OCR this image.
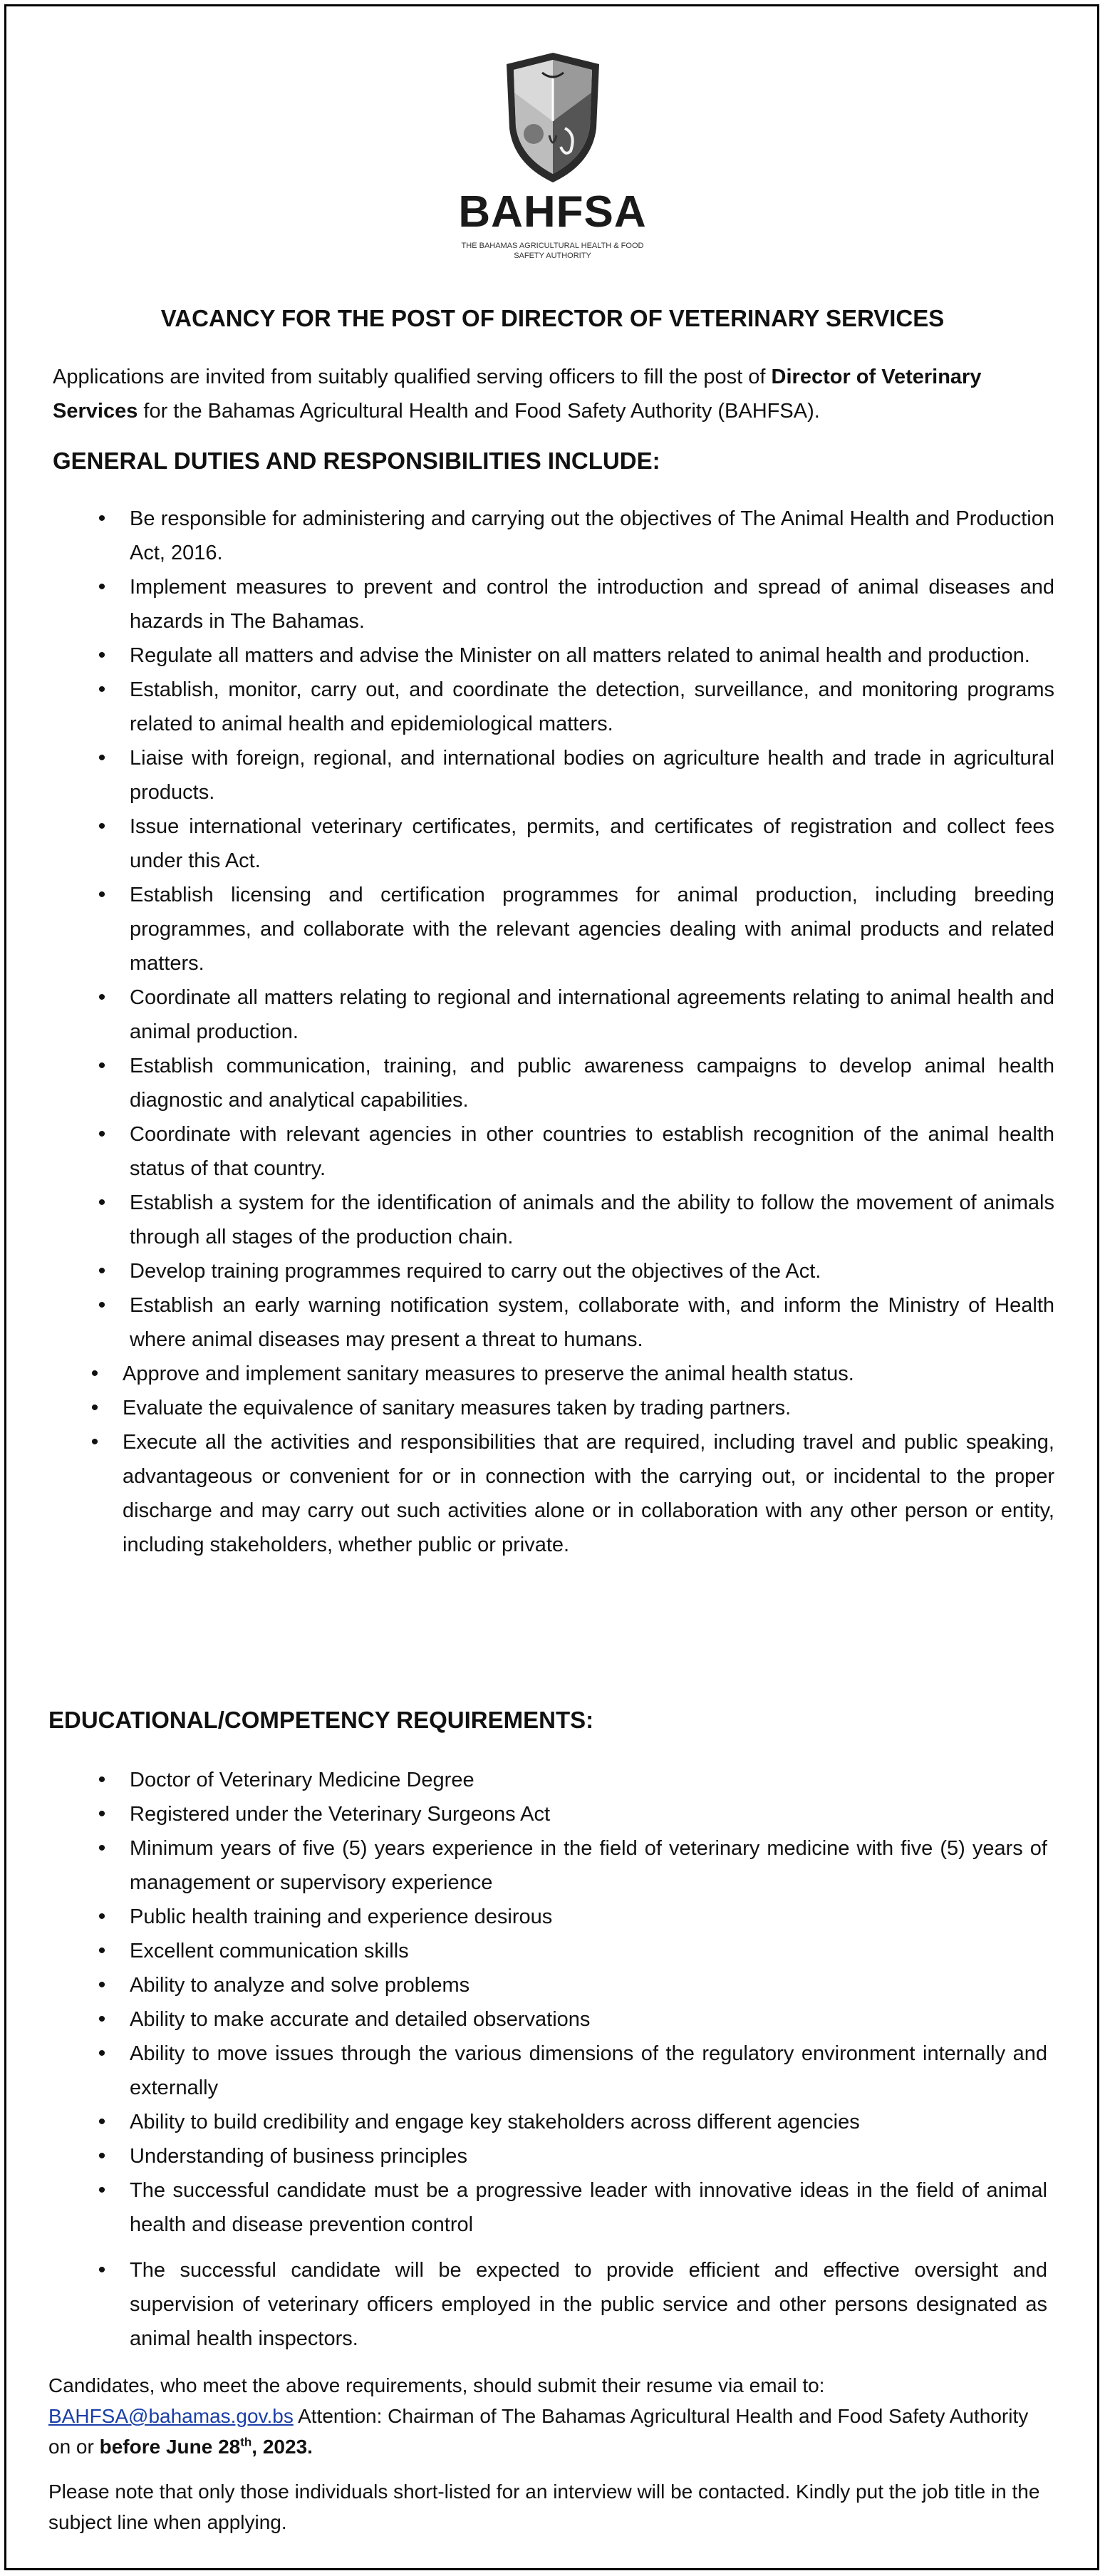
BAHFSA
THE BAHAMAS AGRICULTURAL HEALTH & FOOD
SAFETY AUTHORITY
VACANCY FOR THE POST OF DIRECTOR OF VETERINARY SERVICES
Applications are invited from suitably qualified serving officers to fill the post of Director of Veterinary Services for the Bahamas Agricultural Health and Food Safety Authority (BAHFSA).
GENERAL DUTIES AND RESPONSIBILITIES INCLUDE:
•	Be responsible for administering and carrying out the objectives of The Animal Health and Production Act, 2016.
•	Implement measures to prevent and control the introduction and spread of animal diseases and hazards in The Bahamas.
•	Regulate all matters and advise the Minister on all matters related to animal health and production.
•	Establish, monitor, carry out, and coordinate the detection, surveillance, and monitoring programs related to animal health and epidemiological matters.
•	Liaise with foreign, regional, and international bodies on agriculture health and trade in agricultural products.
•	Issue international veterinary certificates, permits, and certificates of registration and collect fees under this Act.
•	Establish licensing and certification programmes for animal production, including breeding programmes, and collaborate with the relevant agencies dealing with animal products and related matters.
•	Coordinate all matters relating to regional and international agreements relating to animal health and animal production.
•	Establish communication, training, and public awareness campaigns to develop animal health diagnostic and analytical capabilities.
•	Coordinate with relevant agencies in other countries to establish recognition of the animal health status of that country.
•	Establish a system for the identification of animals and the ability to follow the movement of animals through all stages of the production chain.
•	Develop training programmes required to carry out the objectives of the Act.
•	Establish an early warning notification system, collaborate with, and inform the Ministry of Health where animal diseases may present a threat to humans.
•	Approve and implement sanitary measures to preserve the animal health status.
•	Evaluate the equivalence of sanitary measures taken by trading partners.
•	Execute all the activities and responsibilities that are required, including travel and public speaking, advantageous or convenient for or in connection with the carrying out, or incidental to the proper discharge and may carry out such activities alone or in collaboration with any other person or entity, including stakeholders, whether public or private.
EDUCATIONAL/COMPETENCY REQUIREMENTS:
•	Doctor of Veterinary Medicine Degree
•	Registered under the Veterinary Surgeons Act
•	Minimum years of five (5) years experience in the field of veterinary medicine with five (5) years of management or supervisory experience
•	Public health training and experience desirous
•	Excellent communication skills
•	Ability to analyze and solve problems
•	Ability to make accurate and detailed observations
•	Ability to move issues through the various dimensions of the regulatory environment internally and externally
•	Ability to build credibility and engage key stakeholders across different agencies
•	Understanding of business principles
•	The successful candidate must be a progressive leader with innovative ideas in the field of animal health and disease prevention control
•	The successful candidate will be expected to provide efficient and effective oversight and supervision of veterinary officers employed in the public service and other persons designated as animal health inspectors.
Candidates, who meet the above requirements, should submit their resume via email to:
BAHFSA@bahamas.gov.bs Attention: Chairman of The Bahamas Agricultural Health and Food Safety Authority on or before June 28th, 2023.
Please note that only those individuals short-listed for an interview will be contacted. Kindly put the job title in the subject line when applying.
